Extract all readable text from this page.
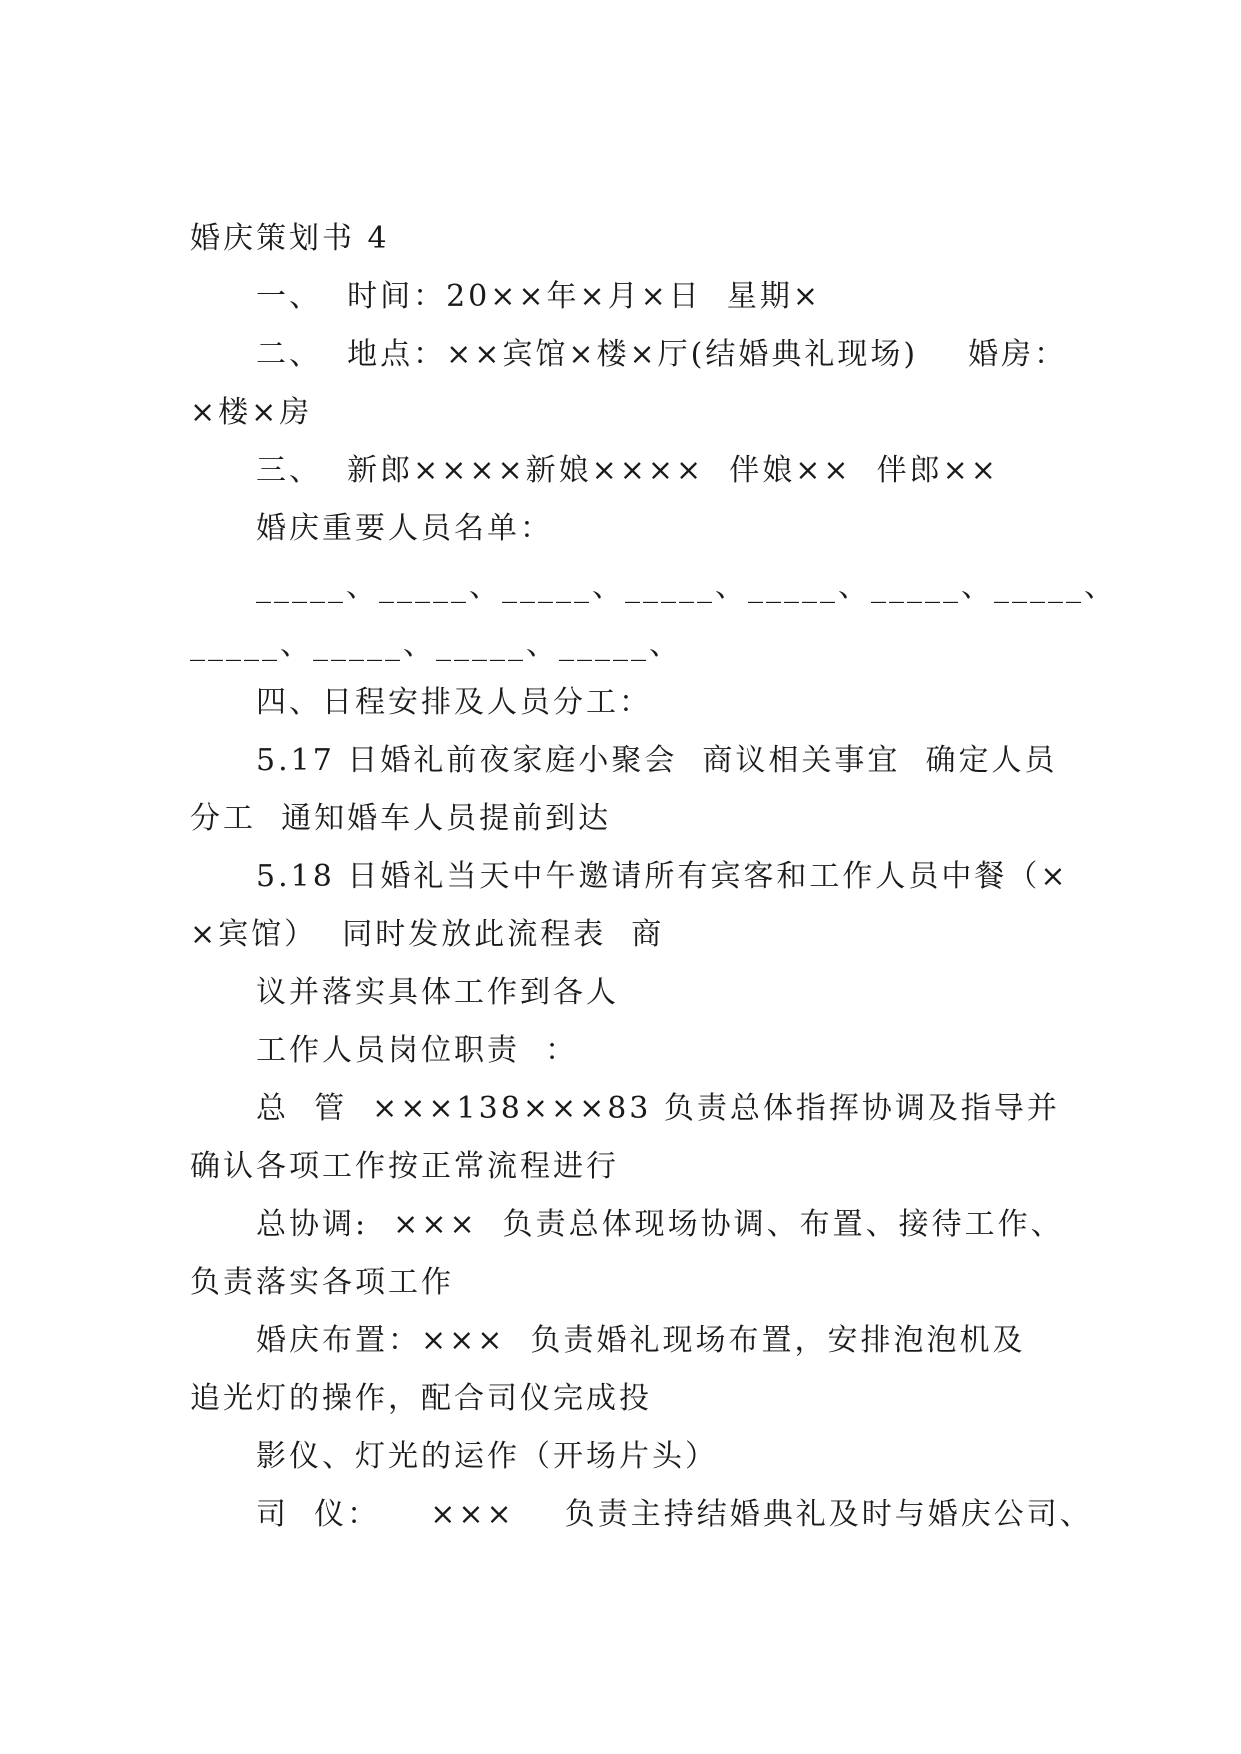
婚庆策划书 4

一、  时间：20××年×月×日  星期×

二、  地点：××宾馆×楼×厅(结婚典礼现场)    婚房：

×楼×房

三、  新郎××××新娘××××  伴娘××  伴郎××

婚庆重要人员名单：

_____、_____、_____、_____、_____、_____、_____、

_____、_____、_____、_____、

四、日程安排及人员分工：

5.17 日婚礼前夜家庭小聚会  商议相关事宜  确定人员

分工  通知婚车人员提前到达

5.18 日婚礼当天中午邀请所有宾客和工作人员中餐（×

×宾馆）  同时发放此流程表  商

议并落实具体工作到各人

工作人员岗位职责  ：

总  管  ×××138×××83 负责总体指挥协调及指导并

确认各项工作按正常流程进行

总协调:  ×××  负责总体现场协调、布置、接待工作、

负责落实各项工作

婚庆布置：×××  负责婚礼现场布置，安排泡泡机及

追光灯的操作，配合司仪完成投

影仪、灯光的运作（开场片头）

司  仪：    ×××    负责主持结婚典礼及时与婚庆公司、
